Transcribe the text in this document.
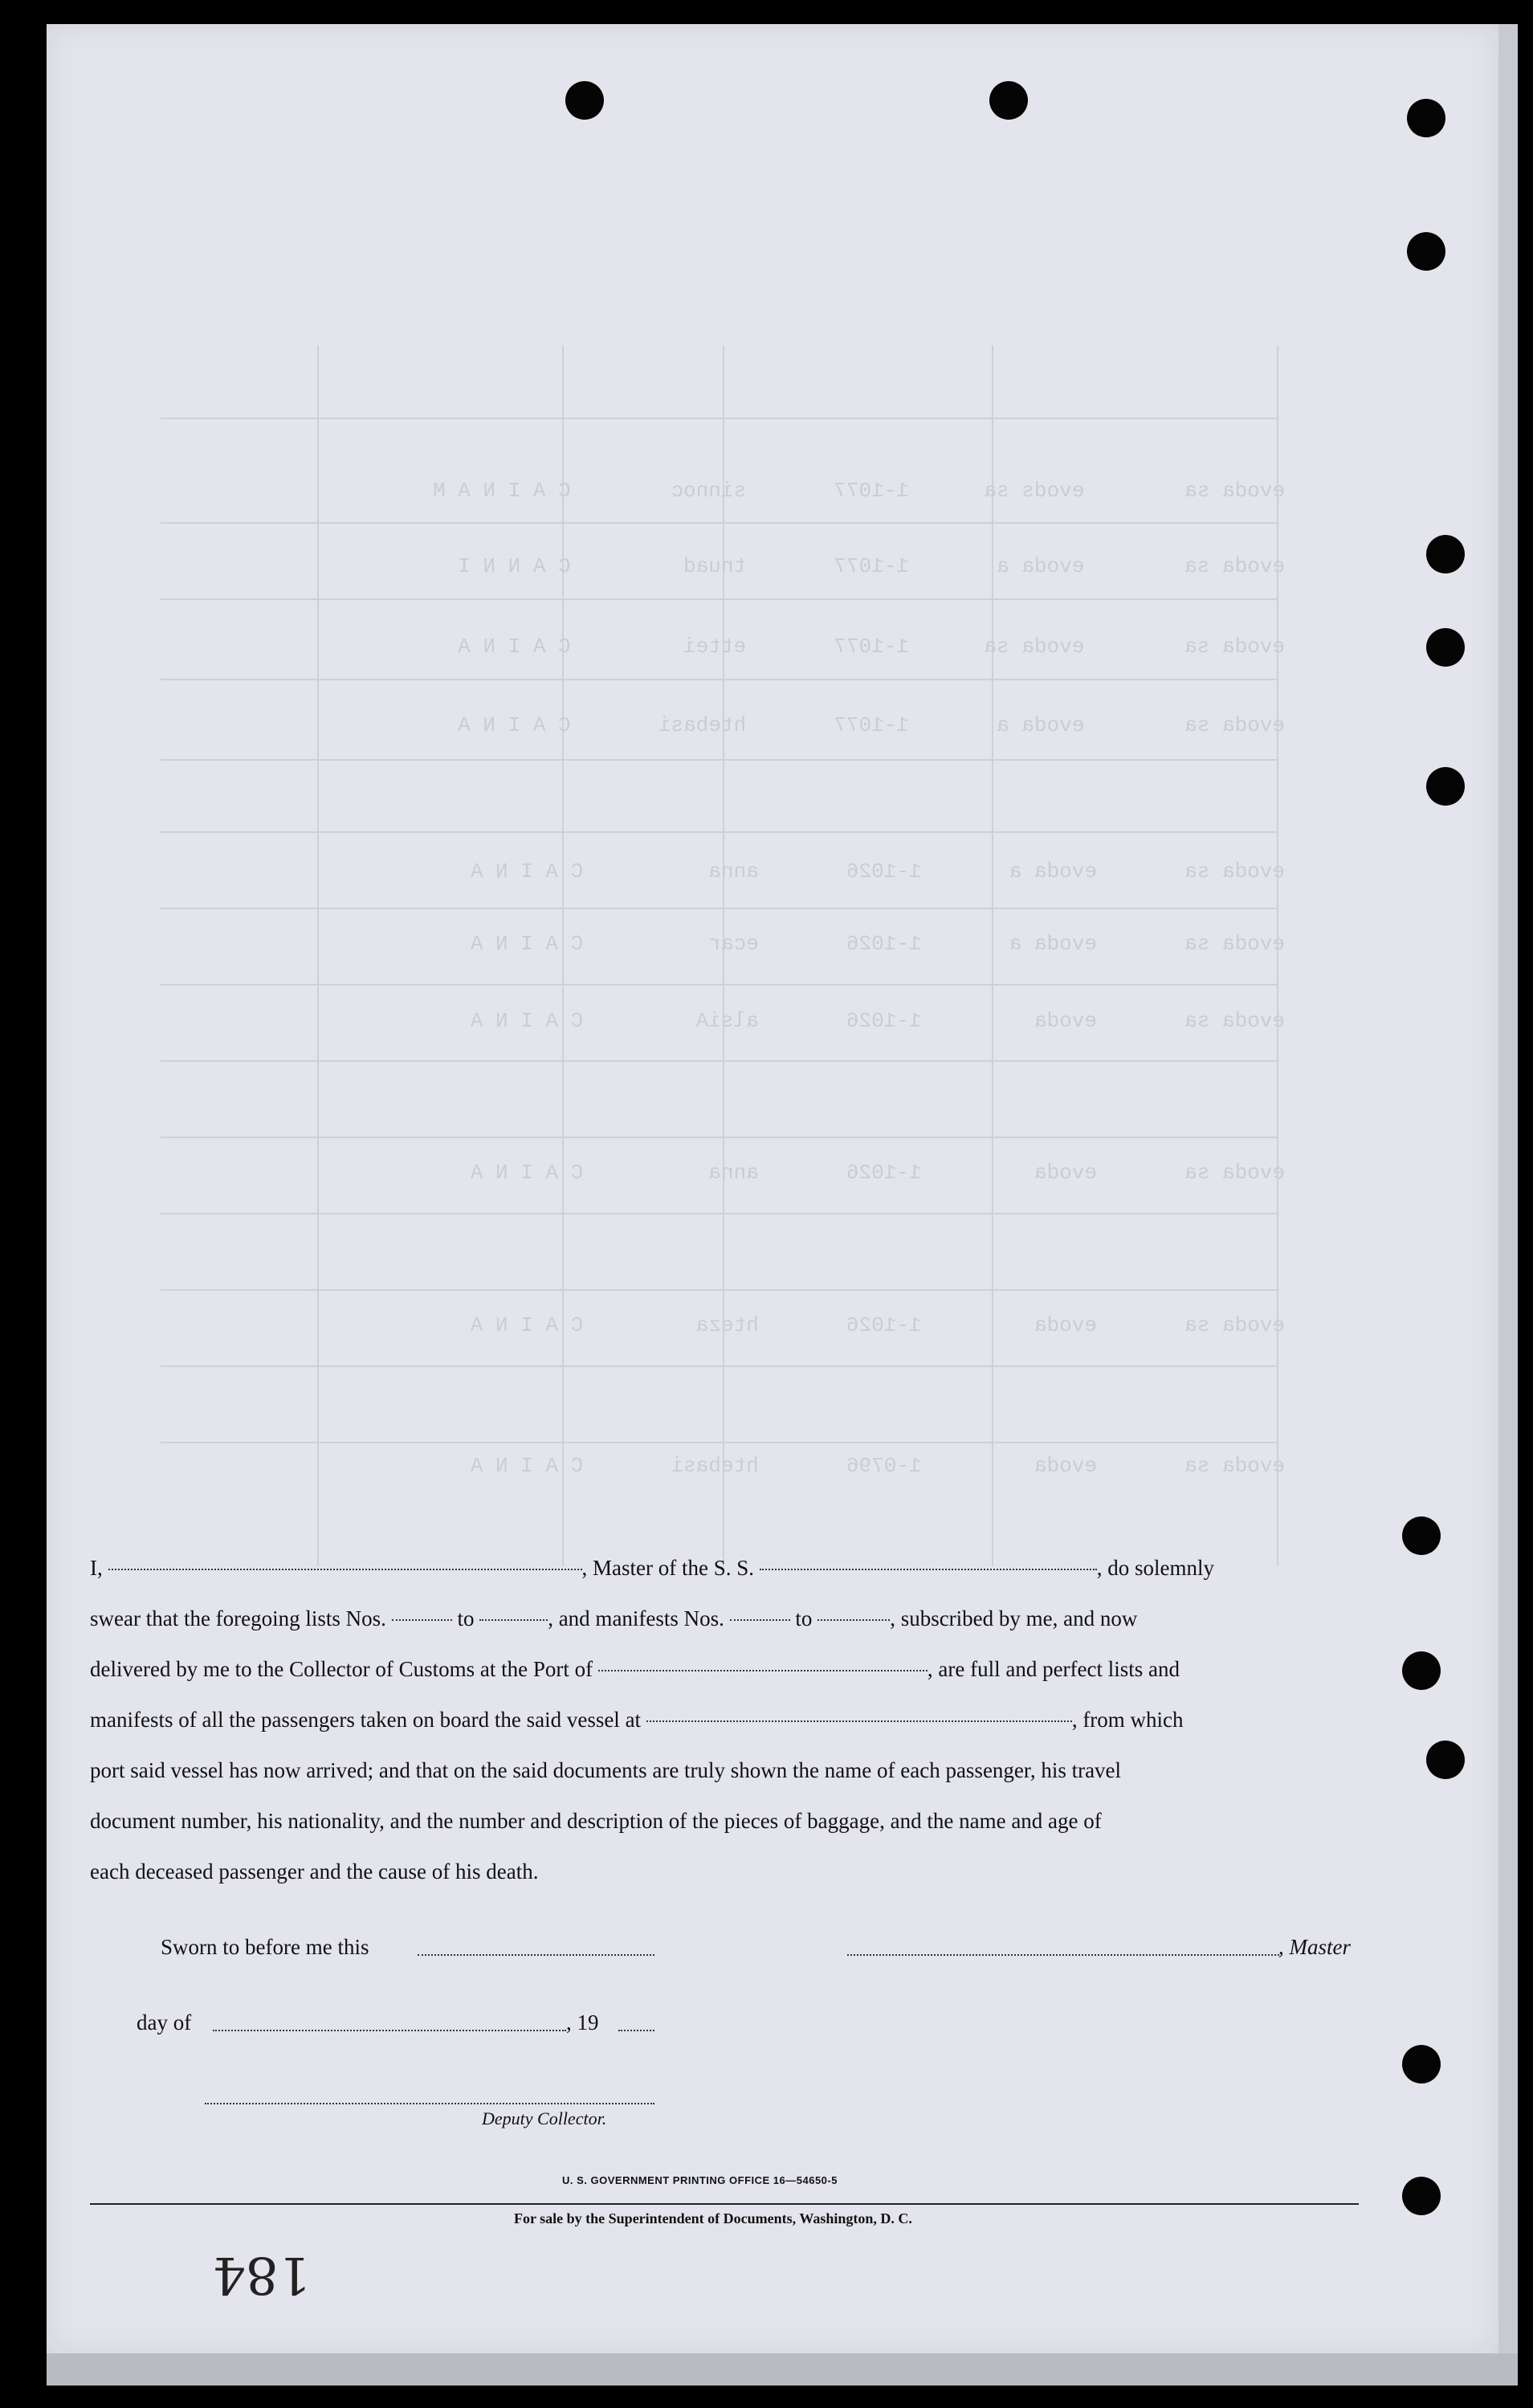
I,	, Master of the S. S.	, do solemnly

swear that the foregoing lists Nos.	to	, and manifests Nos.	to	, subscribed by me, and now

delivered by me to the Collector of Customs at the Port of	, are full and perfect lists and

manifests of all the passengers taken on board the said vessel at	, from which

port said vessel has now arrived; and that on the said documents are truly shown the name of each passenger, his travel

document number, his nationality, and the number and description of the pieces of baggage, and the name and age of

each deceased passenger and the cause of his death.

Sworn to before me this	, Master
day of	, 19
Deputy Collector.
U. S. GOVERNMENT PRINTING OFFICE 16—54650-5
For sale by the Superintendent of Documents, Washington, D. C.
184
